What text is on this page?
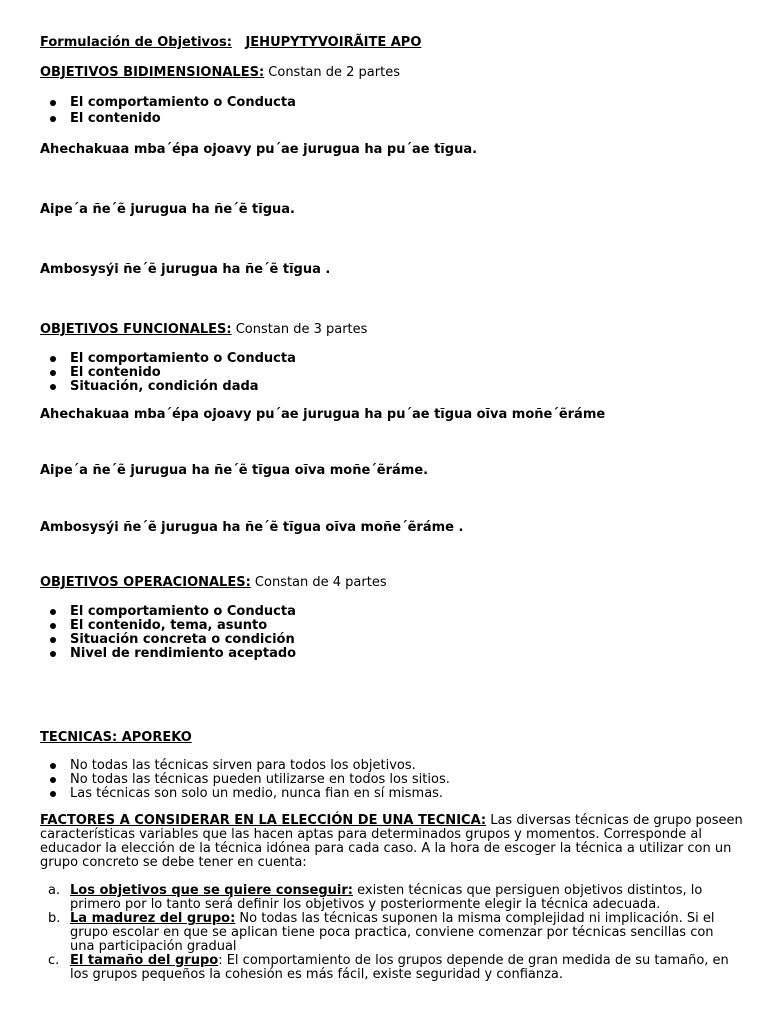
Formulación de Objetivos: JEHUPYTYVOIRÃITE APO
OBJETIVOS BIDIMENSIONALES: Constan de 2 partes
El comportamiento o Conducta
El contenido
Ahechakuaa mba´épa ojoavy pu´ae jurugua ha pu´ae tĩgua.
Aipe´a ñe´ẽ jurugua ha ñe´ẽ tĩgua.
Ambosysýi ñe´ẽ jurugua ha ñe´ẽ tĩgua .
OBJETIVOS FUNCIONALES: Constan de 3 partes
El comportamiento o Conducta
El contenido
Situación, condición dada
Ahechakuaa mba´épa ojoavy pu´ae jurugua ha pu´ae tĩgua oĩva moñe´ẽráme
Aipe´a ñe´ẽ jurugua ha ñe´ẽ tĩgua oĩva moñe´ẽráme.
Ambosysýi ñe´ẽ jurugua ha ñe´ẽ tĩgua oĩva moñe´ẽráme .
OBJETIVOS OPERACIONALES: Constan de 4 partes
El comportamiento o Conducta
El contenido, tema, asunto
Situación concreta o condición
Nivel de rendimiento aceptado
TECNICAS: APOREKO
No todas las técnicas sirven para todos los objetivos.
No todas las técnicas pueden utilizarse en todos los sitios.
Las técnicas son solo un medio, nunca fian en sí mismas.
FACTORES A CONSIDERAR EN LA ELECCIÓN DE UNA TECNICA: Las diversas técnicas de grupo poseen
características variables que las hacen aptas para determinados grupos y momentos. Corresponde al
educador la elección de la técnica idónea para cada caso. A la hora de escoger la técnica a utilizar con un
grupo concreto se debe tener en cuenta:
a. Los objetivos que se quiere conseguir: existen técnicas que persiguen objetivos distintos, lo
primero por lo tanto será definir los objetivos y posteriormente elegir la técnica adecuada.
b. La madurez del grupo: No todas las técnicas suponen la misma complejidad ni implicación. Si el
grupo escolar en que se aplican tiene poca practica, conviene comenzar por técnicas sencillas con
una participación gradual
c. El tamaño del grupo: El comportamiento de los grupos depende de gran medida de su tamaño, en
los grupos pequeños la cohesión es más fácil, existe seguridad y confianza.
